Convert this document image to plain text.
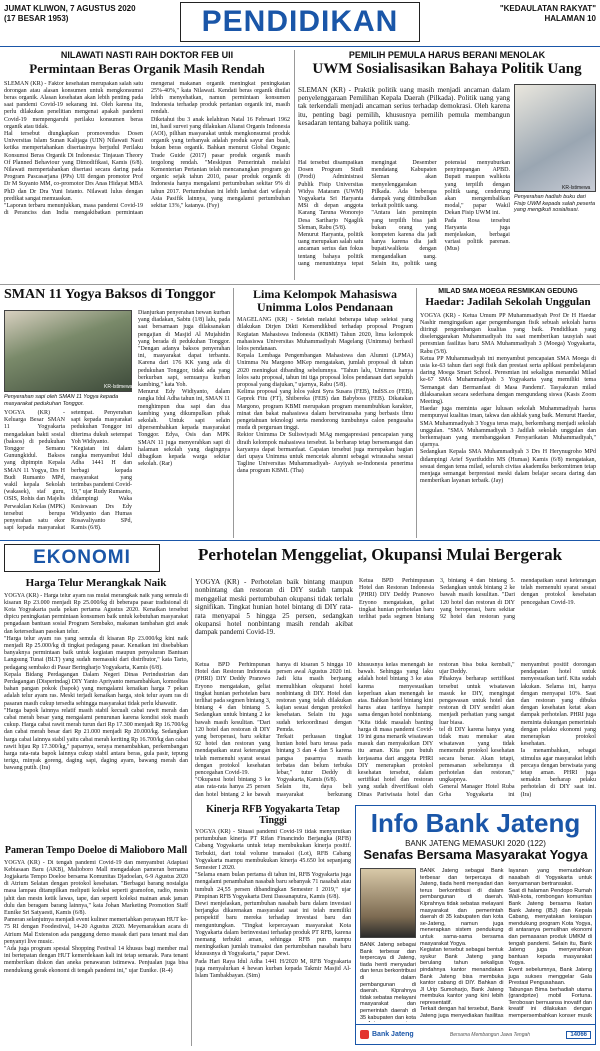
JUMAT KLIWON, 7 AGUSTUS 2020
(17 BESAR 1953)	PENDIDIKAN	"KEDAULATAN RAKYAT"
HALAMAN 10
NILAWATI NASTI RAIH DOKTOR FEB UII
Permintaan Beras Organik Masih Rendah

SLEMAN (KR) - Faktor kesehatan merupakan salah satu dorongan atau alasan konsumen untuk mengkonsumsi beras organik. Alasan kesehatan akan lebih penting pada saat pandemi Covid-19 sekarang ini. Oleh karena itu, perlu dilakukan penelitian mengenai apakah pandemi Covid-19 mempengaruhi perilaku konsumen beras organik atau tidak.

Hal tersebut diungkapkan promovendus Dosen Universitas Islam Sunan Kalijaga (UIN) Nilawati Nasti ketika mempertahankan disertasinya berjudul Perilaku Konsumsi Beras Organik Di Indonesia: Tinjauan Theory Of Planned Behaviour yang Dimodifikasi, Kamis (6/8). Nilawati mempertahankan disertasi secara daring pada Program Pascasarjana (PPs) UII dengan promotor Prof Dr M Suyanto MM, co-promotor Drs Anas Hidayat MBA PhD dan Dr Dra Yuni Istanto. Nilawati lulus dengan predikat sangat memuaskan.

"Laporan terbaru menunjukkan, masa pandemi Covid-19 di Peranciss dan India mengakibatkan permintaan mengenai makanan organik meningkat peningkatan 25%-40%," kata Nilawati. Kendati beras organik dinilai lebih menyehatkan, namun permintaan konsumen Indonesia terhadap produk pertanian organik ini, masih rendah.

Diketahui ibu 3 anak kelahiran Natal 16 Februari 1962 ini, hasil survei yang dilakukan Aliansi Organis Indonesia (AOI), pilihan masyarakat untuk mengkonsumsi produk organik yang terbanyak adalah produk sayur dan buah, bukan beras organik. Bahkan menurut Global Organic Trade Guide (2017) pasar produk organik masih tergolong rendah. "Meskipun Pemerintah melalui Kementerian Pertanian telah mencanangkan program go organic sejak tahun 2010, pasar produk organik di Indonesia hanya mengalami pertumbuhan sekitar 9% di tahun 2017. Pertumbuhan ini lebih lambat dari wilayah Asia Pasifik lainnya, yang mengalami pertumbuhan sekitar 13%," katanya. (Fsy)

PEMILIH PEMULA HARUS BERANI MENOLAK
UWM Sosialisasikan Bahaya Politik Uang
SLEMAN (KR) - Praktik politik uang masih menjadi ancaman dalam penyelenggaraan Pemilihan Kepala Daerah (Pilkada). Politik uang yang tak terkendali menjadi ancaman serius terhadap demokrasi. Oleh karena itu, penting bagi pemilih, khususnya pemilih pemula membangun kesadaran tentang bahaya politik uang.
KR-Istimewa
Penyerahan hadiah buku dari Fisip UWM kepada salah peserta yang mengikuti sosialisasi.

Hal tersebut disampaikan Dosen Program Studi (Prodi) Administrasi Publik Fisip Universitas Widya Mataram (UWM) Yogyakarta Sri Haryanta MSi di depan anggota Karang Taruna Wonorejo Desa Sariharjo Ngaglik Sleman, Rabu (5/8).

Menurut Haryanta, politik uang merupakan salah satu ancaman serius dan fokus tentang bahaya politik uang menuntutnya tepat mengingat Desember mendatang Kabupaten Sleman akan menyelenggarakan Pilkada. Ada beberapa dampak yang ditimbulkan terkait politik uang.

"Antara lain pemimpin yang terpilih bisa jadi bukan orang yang kompeten karena dia jadi hanya karena dia jadi bupati/walikota dengan mengandalkan uang. Selain itu, politik uang potensial menyuburkan penyimpangan APBD. Bupati maupun walikota yang terpilih dengan politik uang, cenderung akan mengembalikan modal," papar Wakil Dekan Fisip UWM ini.

Pada Rosa tersebut Haryanta juga menjelaskan, berbagai variasi politik parenan. (Mus)

SMAN 11 Yogya Baksos di Tonggor
KR-Istimewa
Penyerahan sapi oleh SMAN 11 Yogya kepada masyarakat pedukuhan Tonggor.

YOGYA (KR) - Keluarga Besar SMAN 11 Yogyakarta mengadakan bakti sosial (baksos) di pedukuhan Tonggor Semanu Gunungkidul. Baksos yang dipimpin Kepala SMAN 11 Yogya, Drs H Budi Rumanto MPd, wakil kepala Sekolah (wakasek), staf guru, OSIS, Rohis dan Majelis Perwakilan Kelas (MPK) tersebut berupa penyerahan satu ekor sapi kepada masyarakat setempat. Penyerahan sapi kepada masyarakat pedukuhan Tonggor ini diterima dukuh setempat Yoh Widiyanto.

"Kegiatan ini dalam rangka menyambut Idul Adha 1441 H dan berbagi kepada masyarakat yang terimbas pandemi Covid-19," ujar Rudy Rumanto, didampingi Waka Kesiswaan Drs Edy Widiyanto dan Humas Rosavaliyanto SPd, Kamis (6/8).

Dianjurkan penyerahan hewan kurban yang diadakan, Sabtu (1/8) lalu, pada saat bersamaan juga dilaksanakan pengajian di Masjid Al Mujahidin yang berada di pedukuhan Tonggor. "Dengan adanya baksos penyerahan ini, masyarakat dapat terbantu. Karena dari 176 KK yang ada di pedukuhan Tonggor, tidak ada yang berkurban sapi, semuanya kurban kambing," kata Yoh.

Menurut Edy Widiyanto, dalam rangka Idul Adha tahun ini, SMAN 11 menghimpun dua sapi dan dua kambing yang dikumpulkan pihak sekolah. Untuk sapi selain dipersembahkan kepada masyarakat Tonggor. Edya, Osis dan MPK SMAN 11 juga menyerahkan sapi di halaman sekolah yang dagingnya dibagikan kepada warga sekitar sekolah. (Rar)

Lima Kelompok Mahasiswa Unimma Lolos Pendanaan

MAGELANG (KR) - Setelah melalui beberapa tahap seleksi yang dilakukan Dirjen Dikti Kemendikbud terhadap proposal Program Kegiatan Mahasiswa Indonesia (KBMI) Tahun 2020, lima kelompok mahasiswa Universitas Muhammadiyah Magelang (Unimma) berhasil lolos pendanaan.

Kepala Lembaga Pengembangan Mahasiswa dan Alumni (LPMA) Unimma Nu Margono MKep mengatakan, jumlah proposal di tahun 2020 meningkat dibanding sebelumnya. "Tahun lalu, Unimma hanya lolos satu proposal, tahun ini tiga proposal lolos pendanaan dari sepuluh proposal yang diajukan," ujarnya, Rabu (5/8).

Kelima proposal yang lolos yakni Syra Susara (FEB), IndSS.co (FEB), Geprek Fitu (FT), Shibereka (FEB) dan Babyboss (FEB). Dikatakan Margono, program KBMI merupakan program menumbuhkan karakter, minat dan bakat mahasiswa dalam berwirausaha yang berbasis ilmu pengetahuan teknologi serta mendorong tumbuhnya calon pengusaha muda di perguruan tinggi.

Rektor Unimma Dr Suliswiyadi MAg mengapresiasi pencapaian yang diraih kelompok mahasiswa tersebut. Ia berharap tetap bersemangat dan karyanya dapat bermanfaat. Capaian tersebut juga merupakan bagian dari upaya Unimma untuk mencetak alumni sebagai wirausaha sesuai Tagline Universitas Muhammadiyah- Asyiyah se-Indonesia penerima dana program KBMI. (Tha)

MILAD SMA MOEGA RESMIKAN GEDUNG
Haedar: Jadilah Sekolah Unggulan

YOGYA (KR) - Ketua Umum PP Muhammadiyah Prof Dr H Haedar Nashir mengingatkan agar pengembangan fisik sebuah sekolah harus diiringi pengembangan kualitas yang baik. Pendidikan yang diselenggarakan Muhammadiyah itu saat memberikan tausyiah saat peresmian fasilitas baru SMA Muhammadiyah 3 (Moega) Yogyakarta, Rabu (5/8).

Ketua PP Muhammadiyah ini menyambut pencapaian SMA Moega di usia ke-63 tahun dari segi fisik dan prestasi serta aplikasi pembelajaran daring Moega Smart School. Peresmian ini sekaligus menandai Milad ke-67 SMA Muhammadiyah 3 Yogyakarta yang memiliki tema 'Semangat dan Bermanfaat di Masa Pandemi'. Tasyakuran milad dilaksanakan secara sederhana dengan mengundang siswa (Kasis Zoom Meeting).

Haedar juga meminta agar lulusan sekolah Muhammadiyah harus mempunyai kualitas iman, takwa dan akhlak yang baik. Menurut Haedar, SMA Muhammadiyah 3 Yogya terus maju, berkembang menjadi sekolah unggulan. "SMA Muhammadiyah 3 Jadilah sekolah unggulan dan berkemajuan yang membanggakan Persyarikatan Muhammadiyah," ujarnya.

Sedangkan Kepala SMA Muhammadiyah 3 Drs H Herynugroho MPd didampingi Arief Syarifuddin MS (Humas) Kamis (6/8) mengatakan, sesuai dengan tema milad, seluruh civitas akademika berkomitmen tetap menjaga semangat berprestasi meski dalam belajar secara daring dan memberikan layanan terbaik. (Jay)

EKONOMI	Perhotelan Menggeliat, Okupansi Mulai Bergerak
Harga Telur Merangkak Naik

YOGYA (KR) - Harga telur ayam ras mulai merangkak naik yang semula di kisaran Rp 23.000 menjadi Rp 25.000/kg di beberapa pasar tradisional di Kota Yogyakarta pada pekan pertama Agustus 2020. Kenaikan tersebut dipicu peningkatan permintaan konsumen baik untuk kebutuhan masyarakat pengadaan bantuan sosial Program Sembako, makanan tambahan gizi anak dan ketersediaan pasokan telur.

"Harga telur ayam ras yang semula di kisaran Rp 23.000/kg kini naik menjadi Rp 25.000/kg di tingkat pedagang pasar. Kenaikan ini disebabkan banyaknya permintaan baik untuk kegiatan maupun penyaluran Bantuan Langsung Tunai (BLT) yang sudah memasuki dari distributor," kata Tarto, pedagang sembako di Pasar Beringharjo Yogyakarta, Kamis (6/8).

Kepala Bidang Perdagangan Dalam Negeri Dinas Perindustrian dan Perdagangan (Disperindag) DIY Yanto Apriyanto menambahkan, komoditas bahan pangan pokok (bapok) yang mengalami kenaikan harga 7 pekan adalah telur ayam ras. Meski terjadi kenaikan harga, stok telur ayam ras di pasaran masih cukup tersedia sehingga masyarakat tidak perlu khawatir.

"Harga bapok lainnya relatif masih stabil kecuali cabai rawit merah dan cabai merah besar yang mengalami penurunan karena kondisi stok masih cukup. Harga cabai rawit merah turun dari Rp 17.300 menjadi Rp 16.700/kg dan cabai merah besar dari Rp 21.000 menjadi Rp 20.000/kg. Sedangkan harga cabai lainnya stabil yaitu cabai merah keriting Rp 16.700/kg dan cabai rawit hijau Rp 17.300/kg," paparnya, seraya menambahkan, perkembangan harga rata-rata bapok lainnya cukup stabil antara beras, gula pasir, tepung terigu, minyak goreng, daging sapi, daging ayam, bawang merah dan bawang putih. (Ira)

Pameran Tempo Doeloe di Malioboro Mall

YOGYA (KR) - Di tengah pandemi Covid-19 dan menyambut Adaptasi Kebiasaan Baru (AKB), Malioboro Mall mengadakan pameran bernama Jogjakarta Tempo Doeloe bersama Komunitas Djadoelan, 6-9 Agustus 2020 di Atrium Selatan dengan protokol kesehatan. "Berbagai barang nostalgia masa lampau ditampilkan meliputi koleksi seperti gramofon, radio, mesin jahit dan mesin ketik lawas, tape, dan seperti koleksi mainan anak jaman dulu dan beragam barang lainnya," kata Johan Marketing Promotion Staff Eunike Sri Satyaesti, Kamis (6/8).

Pameran selanjutnya menjadi event kuliner memeriahkan perayaan HUT ke-75 RI dengan Foodestival, 14-20 Agustus 2020. Meyemarakkan acara di Atrium Mal Extension ada panggung demo masak dari para tenant mal dan penyanyi live music.

"Ada juga program spesial Shopping Festival 14 khusus bagi member mal ini bertepatan dengan HUT kemerdekaan kali ini tetap semarak. Para tenant memberikan diskon dan aneka penawaran istimewa. Penjualan juga bisa mendukung gerak ekonomi di tengah pandemi ini," ujar Eunike. (R-4)

YOGYA (KR) - Perhotelan baik bintang maupun nonbintang dan restoran di DIY sudah tampak menggeliat meski pertumbuhan okupansi tidak terlalu signifikan. Tingkat hunian hotel bintang di DIY rata-rata menyapai 5 hingga 25 persen, sedangkan okupansi hotel nonbintang masih rendah akibat dampak pandemi Covid-19.

Ketua BPD Perhimpunan Hotel dan Restoran Indonesia (PHRI) DIY Deddy Pranowo Eryono mengatakan, geliat tingkat hunian perhotelan baru terlihat pada segmen bintang 3, bintang 4 dan bintang 5. Sedangkan untuk bintang 2 ke bawah masih kesulitan. "Dari 120 hotel dan restoran di DIY yang beroperasi, baru sekitar 92 hotel dan restoran yang mendapatkan surat keterangan telah memenuhi syarat sesuai dengan protokol kesehatan pencegahan Covid-19.

"Okupansi hotel bintang 3 ke atas rata-rata hanya 25 persen dan hotel bintang 2 ke bawah hanya di kisaran 5 hingga 10 persen awal Agustus 2020 ini. Jadi kita masih berjuang memulihkan okupansi hotel nonbintang di DIY. Hotel dan restoran yang telah dilakukan kajian sesuai dengan protokol kesehatan. Selain itu juga sudah terkoordinasi dengan Pemda.

Terkait perluasan tingkat hunian hotel baru terasa pada bintang 3 dan 4 dan 5 karena pangsa pasarnya masih terbatas dan belum terbuka lebar," tutur Deddy di Yogyakarta, Kamis (6/8).

Selain itu, daya beli masyarakat berkurang khususnya kelas menengah ke bawah. Sehingga yang laku adalah hotel bintang 3 ke atas karena menyesuaikan keperluan akan menengah ke atas. Bahkan hotel bintang kini harus atau tarifnya hampir sama dengan hotel nonbintang.

"Kita tidak masalah banting harga di masa pandemi Covid-19 ini guna menarik wisatawan masuk dan menyaksikan DIY itu aman. Kita pun butuh kerjasama dari anggota PHRI DIY menerapkan protokol kesehatan tersebut, dalam sertifikat hotel dan restoran yang sudah diverifikasi oleh Dinas Pariwisata hotel dan restoran bisa buka kembali," ujar Deddy.

Pihaknya berharap sertifikasi tersebut untuk wisatawan masuk ke DIY, mengingat pengawasan untuk hotel dan restoran di DIY sendiri akan menjadi perhatian yang sangat luar biasa.

tel di DIY karena hanya yang tidak mau menukar atau wisatawan yang tidak memenuhi protokol kesehatan secara benar. Akan tetapi, pemesanan sebelumnya di perhotelan dan restoran," ungkapnya.

General Manager Hotel Ruba Grha Yogyakarta ini menyambut positif dorongan pendapatan hotel untuk menyesuaikan tarif. Kita sudah lakukan. Selama ini, hanya dengan menyapai 10%. Saat dan restoran yang dibuka dengan kesehatan ketat akan dampak perhotelan. PHRI juga meminta dukungan pemerintah dengan pelaku ekonomi yang menerapkan protokol kesehatan.

Ia menambahkan, sebagai stimulus agar masyarakat lebih percaya dengan berwisata yang tetap aman. PHRI juga semakin berharap pelaku perhotelan di DIY saat ini. (Ira)

Ketua BPD Perhimpunan Hotel dan Restoran Indonesia (PHRI) DIY Deddy Pranowo Eryono mengatakan, geliat tingkat hunian perhotelan baru terlihat pada segmen bintang 3, bintang 4 dan bintang 5. Sedangkan untuk bintang 2 ke bawah masih kesulitan. "Dari 120 hotel dan restoran di DIY yang beroperasi, baru sekitar 92 hotel dan restoran yang mendapatkan surat keterangan telah memenuhi syarat sesuai dengan protokol kesehatan pencegahan Covid-19.

Kinerja RFB Yogyakarta Tetap Tinggi

YOGYA (KR) - Situasi pandemi Covid-19 tidak menyurutkan pertumbuhan kinerja PT Rifan Financindo Berjangka (RFB) Cabang Yogyakarta untuk tetap membukukan kinerja positif. Terbukti, dari total volume transaksi (Lot), RFB Cabang Yogyakarta mampu membukukan kinerja 45.650 lot sepanjang Semester I 2020.

"Selama enam bulan pertama di tahun ini, RFB Yogyakarta juga mengalami penambahan nasabah baru sebanyak 71 nasabah atau tumbuh 24,55 persen dibandingkan Semester I 2019," ujar Pimpinan RFB Yogyakarta Deni Dassanaputra, Kamis (6/8).

Dewi menjelaskan, pertumbuhan nasabah baru dalam investasi berjangka dikarenakan masyarakat saat ini telah memiliki perspektif baru mereka terhadap investasi baru dan menguntungkan. "Tingkat kepercayaan masyarakat Kota Yogyakarta dalam berinvestasi terhadap produk PT RFB, karena memang terbukti aman, sehingga RFB pun mampu meningkatkan jumlah transaksi dan pertumbuhan nasabah baru khususnya di Yogyakarta," papar Dewi.

Pada Hari Raya Idul Adha 1441 H/2020 M, RFB Yogyakarta juga menyalurkan 4 hewan kurban kepada Takmir Masjid Al-Islam Tambakbayan. (Sim)

Info Bank Jateng
BANK JATENG MEMASUKI 2020 (122)
Senafas Bersama Masyarakat Yogya

BANK Jateng sebagai Bank terbesar dan terpercaya di Jateng, tiada henti menyadari dan terus berkontribusi di dalam pembangunan di daerah. Kiprahnya tidak sebatas melayani masyarakat dan pemerintah daerah di 35 kabupaten dan kota se-Jateng, namun juga menerapkan sistem pendukung untuk sama-sama bersama masyarakat Yogya.

Kegiatan tersebut sebagai bentuk syukur Bank Jateng yang berulang tahun sekaligus pindahnya kantor menandakan Bank Jateng bisa membuka kantor cabang di DIY. Bahkan di Jl Urip Sumoharjo, Bank Jateng membuka kantor yang kini lebih representatif.

Terkait dengan hal tersebut, Bank Jateng juga menyediakan fasilitas layanan yang memudahkan nasabah di Yogyakarta untuk kenyamanan bertransaksi.

Saat di halaman Pendopo Rumah Wali-kota, rombongan komunitas Bank Jateng bersama Ikatan Bank Jateng (IBJ) dan Kepala Cabang, menyatakan kesiapan mendukung program Kota Yogya, di antaranya pemulihan ekonomi dan pemasaran produk UMKM di tengah pandemi. Selain itu, Bank Jateng juga menyerahkan bantuan kepada masyarakat Yogya.

Event sebelumnya, Bank Jateng juga sukses menggelar Gala Prestasi Pengusahaan.

Tabungan Bima berhadiah utama (grandprize) mobil Fortuna. Terobosan bernuansa inovatif dan kreatif ini dilakukan dengan mempersembahkan konser musik

BANK Jateng sebagai Bank terbesar dan terpercaya di Jateng, tiada henti menyadari dan terus berkontribusi di dalam pembangunan di daerah. Kiprahnya tidak sebatas melayani masyarakat dan pemerintah daerah di 35 kabupaten dan kota
Bank Jateng	Bersama Membangun Jawa Tengah	14066
